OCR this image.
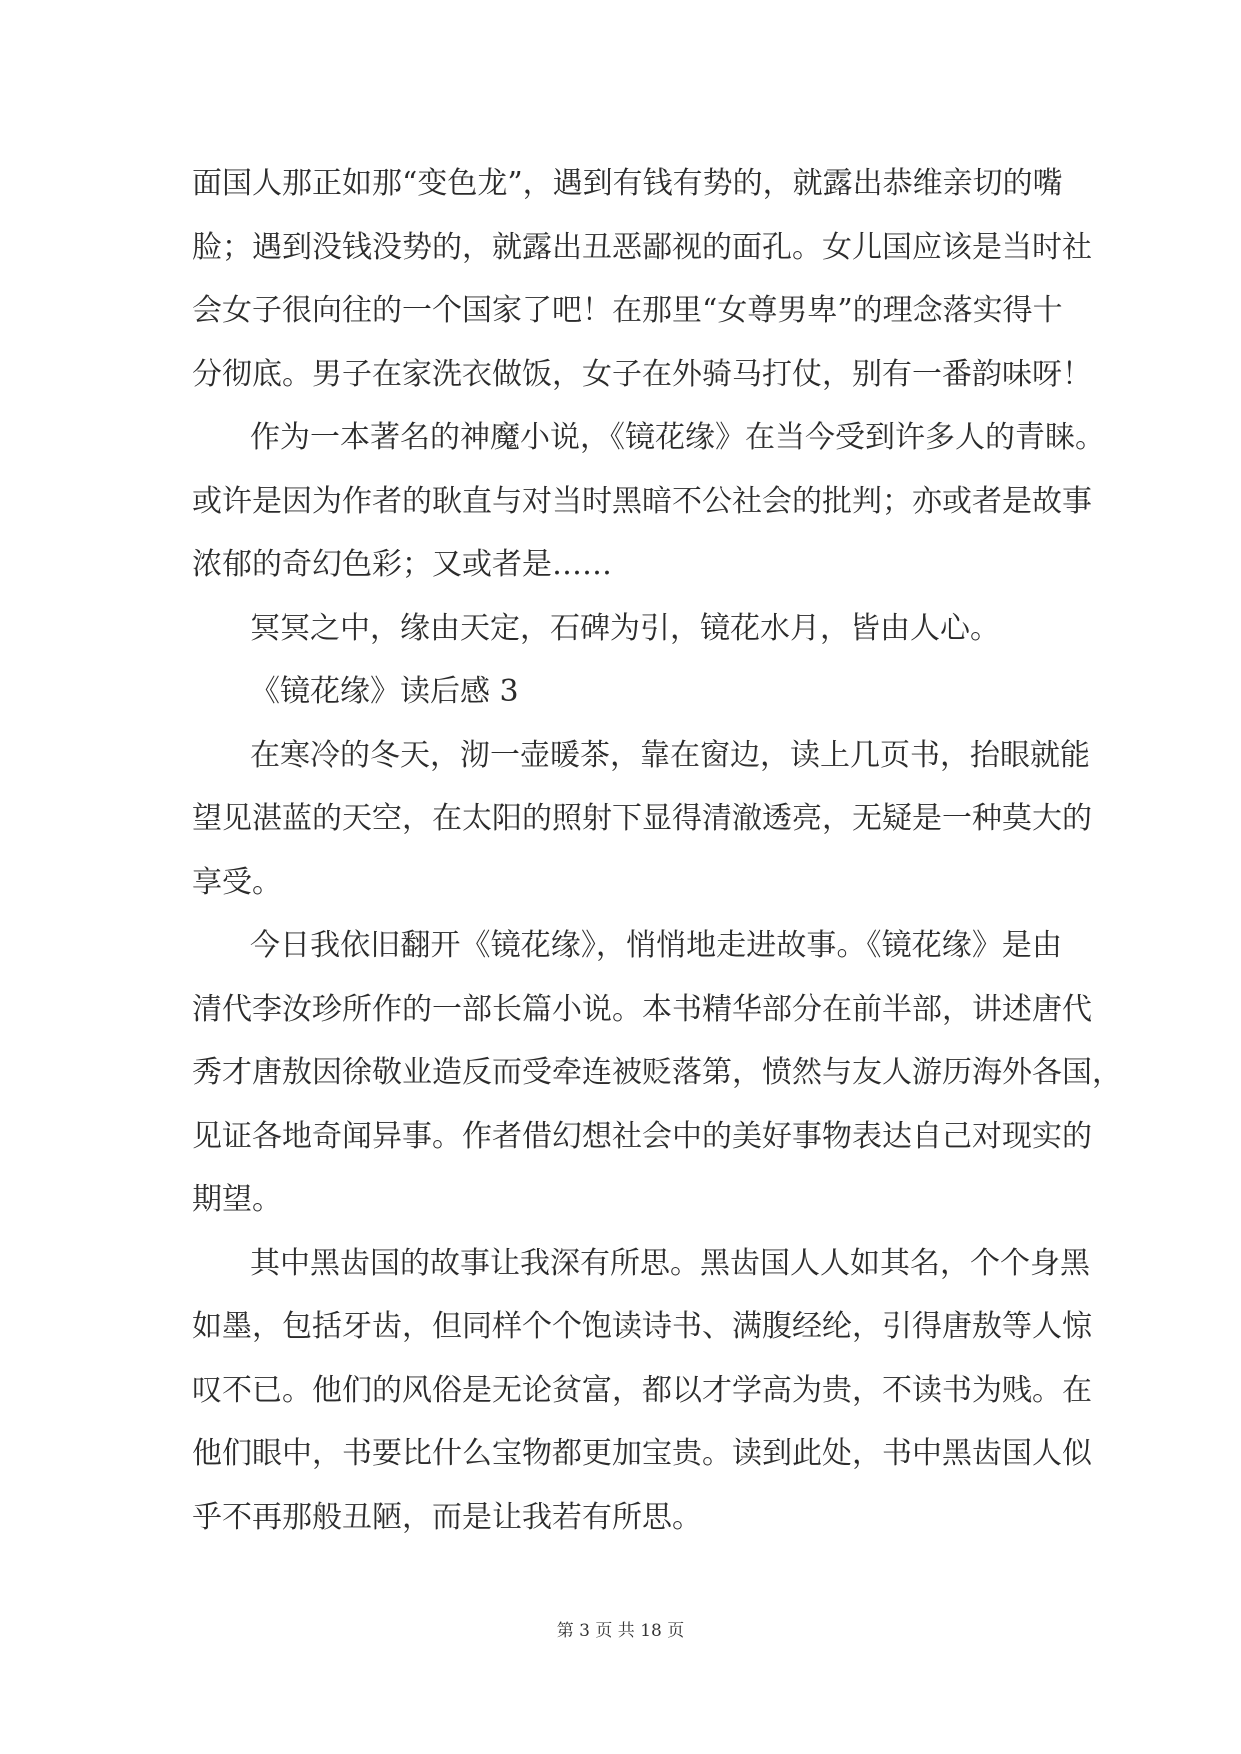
面国人那正如那“变色龙”，遇到有钱有势的，就露出恭维亲切的嘴
脸；遇到没钱没势的，就露出丑恶鄙视的面孔。女儿国应该是当时社
会女子很向往的一个国家了吧！在那里“女尊男卑”的理念落实得十
分彻底。男子在家洗衣做饭，女子在外骑马打仗，别有一番韵味呀！
作为一本著名的神魔小说，《镜花缘》在当今受到许多人的青睐。
或许是因为作者的耿直与对当时黑暗不公社会的批判；亦或者是故事
浓郁的奇幻色彩；又或者是……
冥冥之中，缘由天定，石碑为引，镜花水月，皆由人心。
《镜花缘》读后感 3
在寒冷的冬天，沏一壶暖茶，靠在窗边，读上几页书，抬眼就能
望见湛蓝的天空，在太阳的照射下显得清澈透亮，无疑是一种莫大的
享受。
今日我依旧翻开《镜花缘》，悄悄地走进故事。《镜花缘》是由
清代李汝珍所作的一部长篇小说。本书精华部分在前半部，讲述唐代
秀才唐敖因徐敬业造反而受牵连被贬落第，愤然与友人游历海外各国，
见证各地奇闻异事。作者借幻想社会中的美好事物表达自己对现实的
期望。
其中黑齿国的故事让我深有所思。黑齿国人人如其名，个个身黑
如墨，包括牙齿，但同样个个饱读诗书、满腹经纶，引得唐敖等人惊
叹不已。他们的风俗是无论贫富，都以才学高为贵，不读书为贱。在
他们眼中，书要比什么宝物都更加宝贵。读到此处，书中黑齿国人似
乎不再那般丑陋，而是让我若有所思。
第 3 页 共 18 页
